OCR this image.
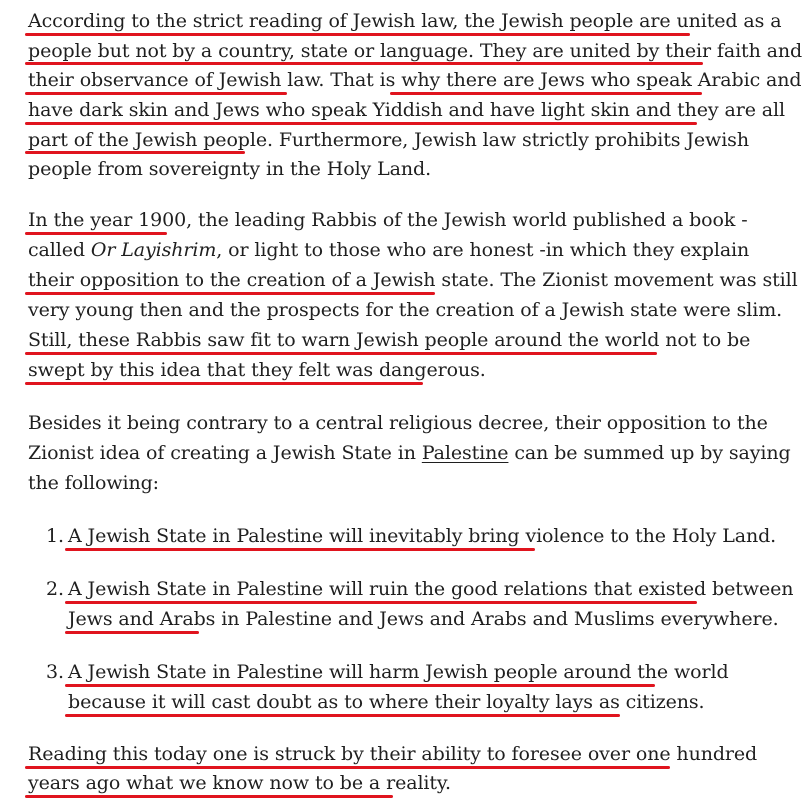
According to the strict reading of Jewish law, the Jewish people are united as a
people but not by a country, state or language. They are united by their faith and
their observance of Jewish law. That is why there are Jews who speak Arabic and
have dark skin and Jews who speak Yiddish and have light skin and they are all
part of the Jewish people. Furthermore, Jewish law strictly prohibits Jewish
people from sovereignty in the Holy Land.
In the year 1900, the leading Rabbis of the Jewish world published a book -
called Or Layishrim, or light to those who are honest -in which they explain
their opposition to the creation of a Jewish state. The Zionist movement was still
very young then and the prospects for the creation of a Jewish state were slim.
Still, these Rabbis saw fit to warn Jewish people around the world not to be
swept by this idea that they felt was dangerous.
Besides it being contrary to a central religious decree, their opposition to the
Zionist idea of creating a Jewish State in Palestine can be summed up by saying
the following:
1. A Jewish State in Palestine will inevitably bring violence to the Holy Land.
2. A Jewish State in Palestine will ruin the good relations that existed between
Jews and Arabs in Palestine and Jews and Arabs and Muslims everywhere.
3. A Jewish State in Palestine will harm Jewish people around the world
because it will cast doubt as to where their loyalty lays as citizens.
Reading this today one is struck by their ability to foresee over one hundred
years ago what we know now to be a reality.
